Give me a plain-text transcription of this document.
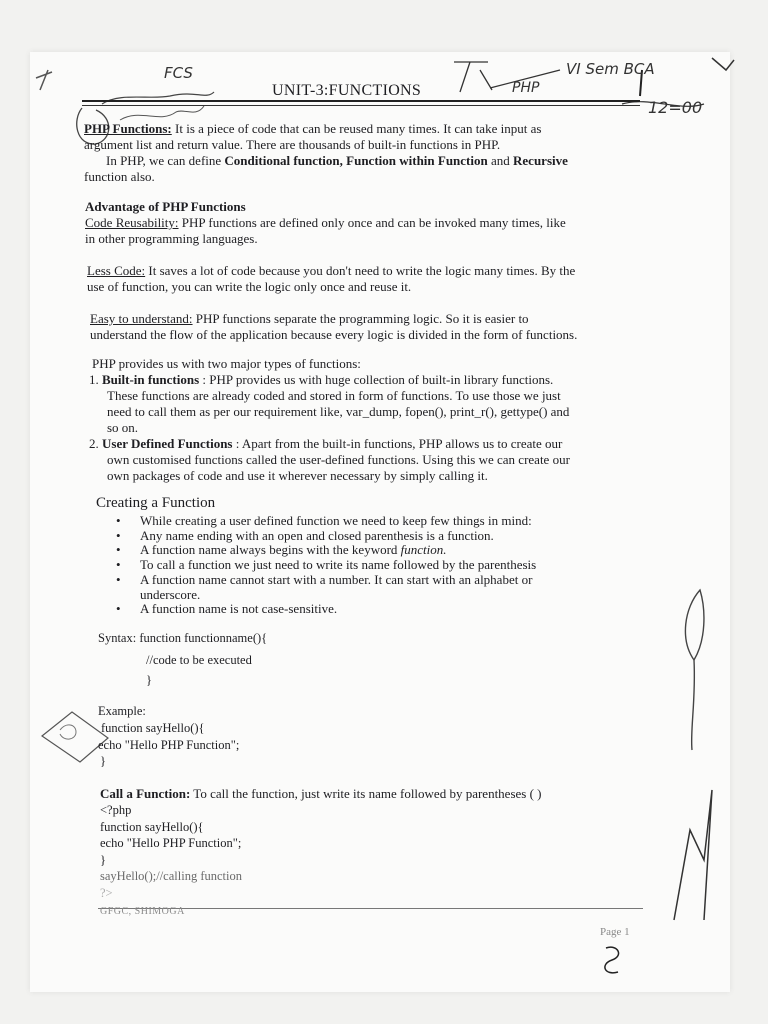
FCS	VI Sem BCA
PHP
12=00
UNIT-3:FUNCTIONS
PHP Functions: It is a piece of code that can be reused many times. It can take input as
argument list and return value. There are thousands of built-in functions in PHP.
In PHP, we can define Conditional function, Function within Function and Recursive
function also.
Advantage of PHP Functions
Code Reusability: PHP functions are defined only once and can be invoked many times, like
in other programming languages.
Less Code: It saves a lot of code because you don't need to write the logic many times. By the
use of function, you can write the logic only once and reuse it.
Easy to understand: PHP functions separate the programming logic. So it is easier to
understand the flow of the application because every logic is divided in the form of functions.
PHP provides us with two major types of functions:
1. Built-in functions : PHP provides us with huge collection of built-in library functions.
These functions are already coded and stored in form of functions. To use those we just
need to call them as per our requirement like, var_dump, fopen(), print_r(), gettype() and
so on.
2. User Defined Functions : Apart from the built-in functions, PHP allows us to create our
own customised functions called the user-defined functions. Using this we can create our
own packages of code and use it wherever necessary by simply calling it.
Creating a Function
• While creating a user defined function we need to keep few things in mind:
• Any name ending with an open and closed parenthesis is a function.
• A function name always begins with the keyword function.
• To call a function we just need to write its name followed by the parenthesis
• A function name cannot start with a number. It can start with an alphabet or
underscore.
• A function name is not case-sensitive.
Syntax: function functionname(){
//code to be executed
}
Example:
function sayHello(){
echo "Hello PHP Function";
}
Call a Function: To call the function, just write its name followed by parentheses ( )
<?php
function sayHello(){
echo "Hello PHP Function";
}
sayHello();//calling function
?>
GFGC, SHIMOGA
Page 1
